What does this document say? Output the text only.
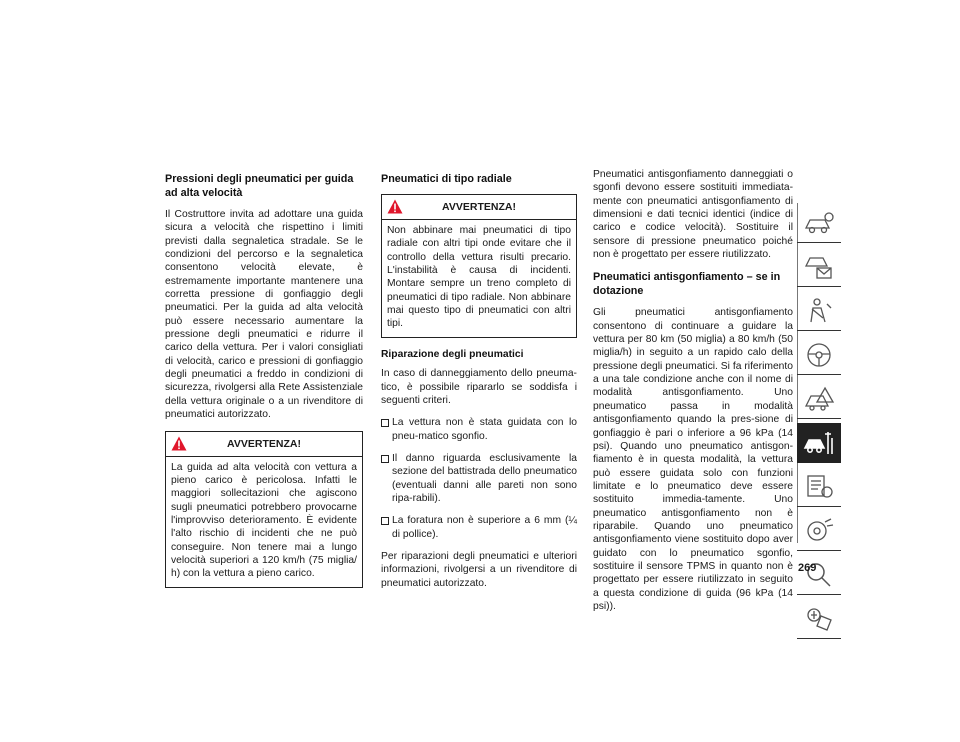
Pressioni degli pneumatici per guida ad alta velocità

Il Costruttore invita ad adottare una guida sicura a velocità che rispettino i limiti previsti dalla segnaletica stradale. Se le condizioni del percorso e la segnaletica consentono velocità elevate, è estremamente importante mantenere una corretta pressione di gonfiaggio degli pneumatici. Per la guida ad alta velocità può essere necessario aumentare la pressione degli pneumatici e ridurre il carico della vettura. Per i valori consigliati di velocità, carico e pressioni di gonfiaggio degli pneumatici a freddo in condizioni di sicurezza, rivolgersi alla Rete Assistenziale della vettura originale o a un rivenditore di pneumatici autorizzato.

AVVERTENZA!
La guida ad alta velocità con vettura a pieno carico è pericolosa. Infatti le maggiori sollecitazioni che agiscono sugli pneumatici potrebbero provocarne l'improvviso deterioramento. È evidente l'alto rischio di incidenti che ne può conseguire. Non tenere mai a lungo velocità superiori a 120 km/h (75 miglia/ h) con la vettura a pieno carico.
Pneumatici di tipo radiale
AVVERTENZA!
Non abbinare mai pneumatici di tipo radiale con altri tipi onde evitare che il controllo della vettura risulti precario. L'instabilità è causa di incidenti. Montare sempre un treno completo di pneumatici di tipo radiale. Non abbinare mai questo tipo di pneumatici con altri tipi.
Riparazione degli pneumatici

In caso di danneggiamento dello pneuma-tico, è possibile ripararlo se soddisfa i seguenti criteri.

La vettura non è stata guidata con lo pneu-matico sgonfio.
Il danno riguarda esclusivamente la sezione del battistrada dello pneumatico (eventuali danni alle pareti non sono ripa-rabili).
La foratura non è superiore a 6 mm (¼ di pollice).

Per riparazioni degli pneumatici e ulteriori informazioni, rivolgersi a un rivenditore di pneumatici autorizzato.

Pneumatici antisgonfiamento danneggiati o sgonfi devono essere sostituiti immediata-mente con pneumatici antisgonfiamento di dimensioni e dati tecnici identici (indice di carico e codice velocità). Sostituire il sensore di pressione pneumatico poiché non è progettato per essere riutilizzato.

Pneumatici antisgonfiamento – se in dotazione

Gli pneumatici antisgonfiamento consentono di continuare a guidare la vettura per 80 km (50 miglia) a 80 km/h (50 miglia/h) in seguito a un rapido calo della pressione degli pneumatici. Si fa riferimento a una tale condizione anche con il nome di modalità antisgonfiamento. Uno pneumatico passa in modalità antisgonfiamento quando la pres-sione di gonfiaggio è pari o inferiore a 96 kPa (14 psi). Quando uno pneumatico antisgon-fiamento è in questa modalità, la vettura può essere guidata solo con funzioni limitate e lo pneumatico deve essere sostituito immedia-tamente. Uno pneumatico antisgonfiamento non è riparabile. Quando uno pneumatico antisgonfiamento viene sostituito dopo aver guidato con lo pneumatico sgonfio, sostituire il sensore TPMS in quanto non è progettato per essere riutilizzato in seguito a questa condizione di guida (96 kPa (14 psi)).

269
